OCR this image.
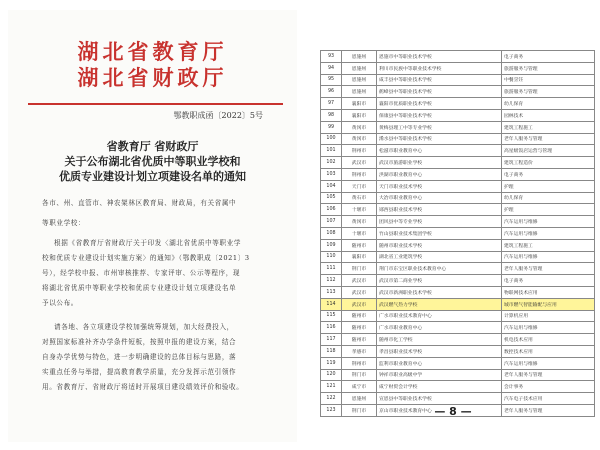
湖北省教育厅
湖北省财政厅
鄂教职成函〔2022〕5号
省教育厅 省财政厅
关于公布湖北省优质中等职业学校和
优质专业建设计划立项建设名单的通知
各市、州、直管市、神农架林区教育局、财政局，有关省属中
等职业学校：
根据《省教育厅省财政厅关于印发〈湖北省优质中等职业学
校和优质专业建设计划实施方案〉的通知》（鄂教职成〔2021〕3
号），经学校申报、市州审核推荐、专家评审、公示等程序，现
将湖北省优质中等职业学校和优质专业建设计划立项建设名单
予以公布。
请各地、各立项建设学校加强统筹规划，加大经费投入，
对照国家标准补齐办学条件短板，按照申报的建设方案，结合
自身办学优势与特色，进一步明确建设的总体目标与思路，落
实重点任务与举措，提高教育教学质量，充分发挥示范引领作
用。省教育厅、省财政厅将适时开展项目建设绩效评价和验收。
93	恩施州	恩施市中等职业技术学校	电子商务
94	恩施州	利川市民族中等职业技术学校	旅游服务与管理
95	恩施州	咸丰县中等职业技术学校	中餐烹饪
96	恩施州	鹤峰县中等职业技术学校	旅游服务与管理
97	襄阳市	襄阳市优质职业技术学校	幼儿保育
98	襄阳市	保康县中等职业技术学校	园林技术
99	黄冈市	黄梅县理工中等专业学校	建筑工程施工
100	黄冈市	浠水县中等职业技术学校	老年人服务与管理
101	荆州市	松滋市职业教育中心	高星级饭店运营与管理
102	武汉市	武汉市旅游职业学校	建筑工程造价
103	荆州市	洪湖市职业教育中心	电子商务
104	天门市	天门市职业技术学校	护理
105	黄石市	大冶市职业教育中心	幼儿保育
106	十堰市	郧西县职业技术学校	护理
107	黄冈市	团风县中等专业学校	汽车运用与维修
108	十堰市	竹山县职业技术集团学校	汽车运用与维修
109	随州市	随州市职业技术学校	建筑工程施工
110	襄阳市	湖北省工业建筑学校	汽车运用与维修
111	荆门市	荆门市东宝区职业技术教育中心	老年人服务与管理
112	武汉市	武汉市第二商业学校	电子商务
113	武汉市	武汉市新洲职业技术学校	物联网技术应用
114	武汉市	武汉燃气热力学校	城市燃气智能输配与应用
115	随州市	广水市职业技术教育中心	计算机应用
116	随州市	广水市职业教育中心	汽车运用与维修
117	随州市	随州市化工学校	机电技术应用
118	孝感市	孝昌县职业技术学校	数控技术应用
119	荆州市	监利市职业教育中心	汽车运用与维修
120	荆门市	钟祥市职业高级中学	老年人服务与管理
121	咸宁市	咸宁财贸会计学校	会计事务
122	恩施州	宣恩县中等职业技术学校	汽车电子技术应用
123	荆门市	京山市职业技术教育中心	老年人服务与管理
— 8 —
